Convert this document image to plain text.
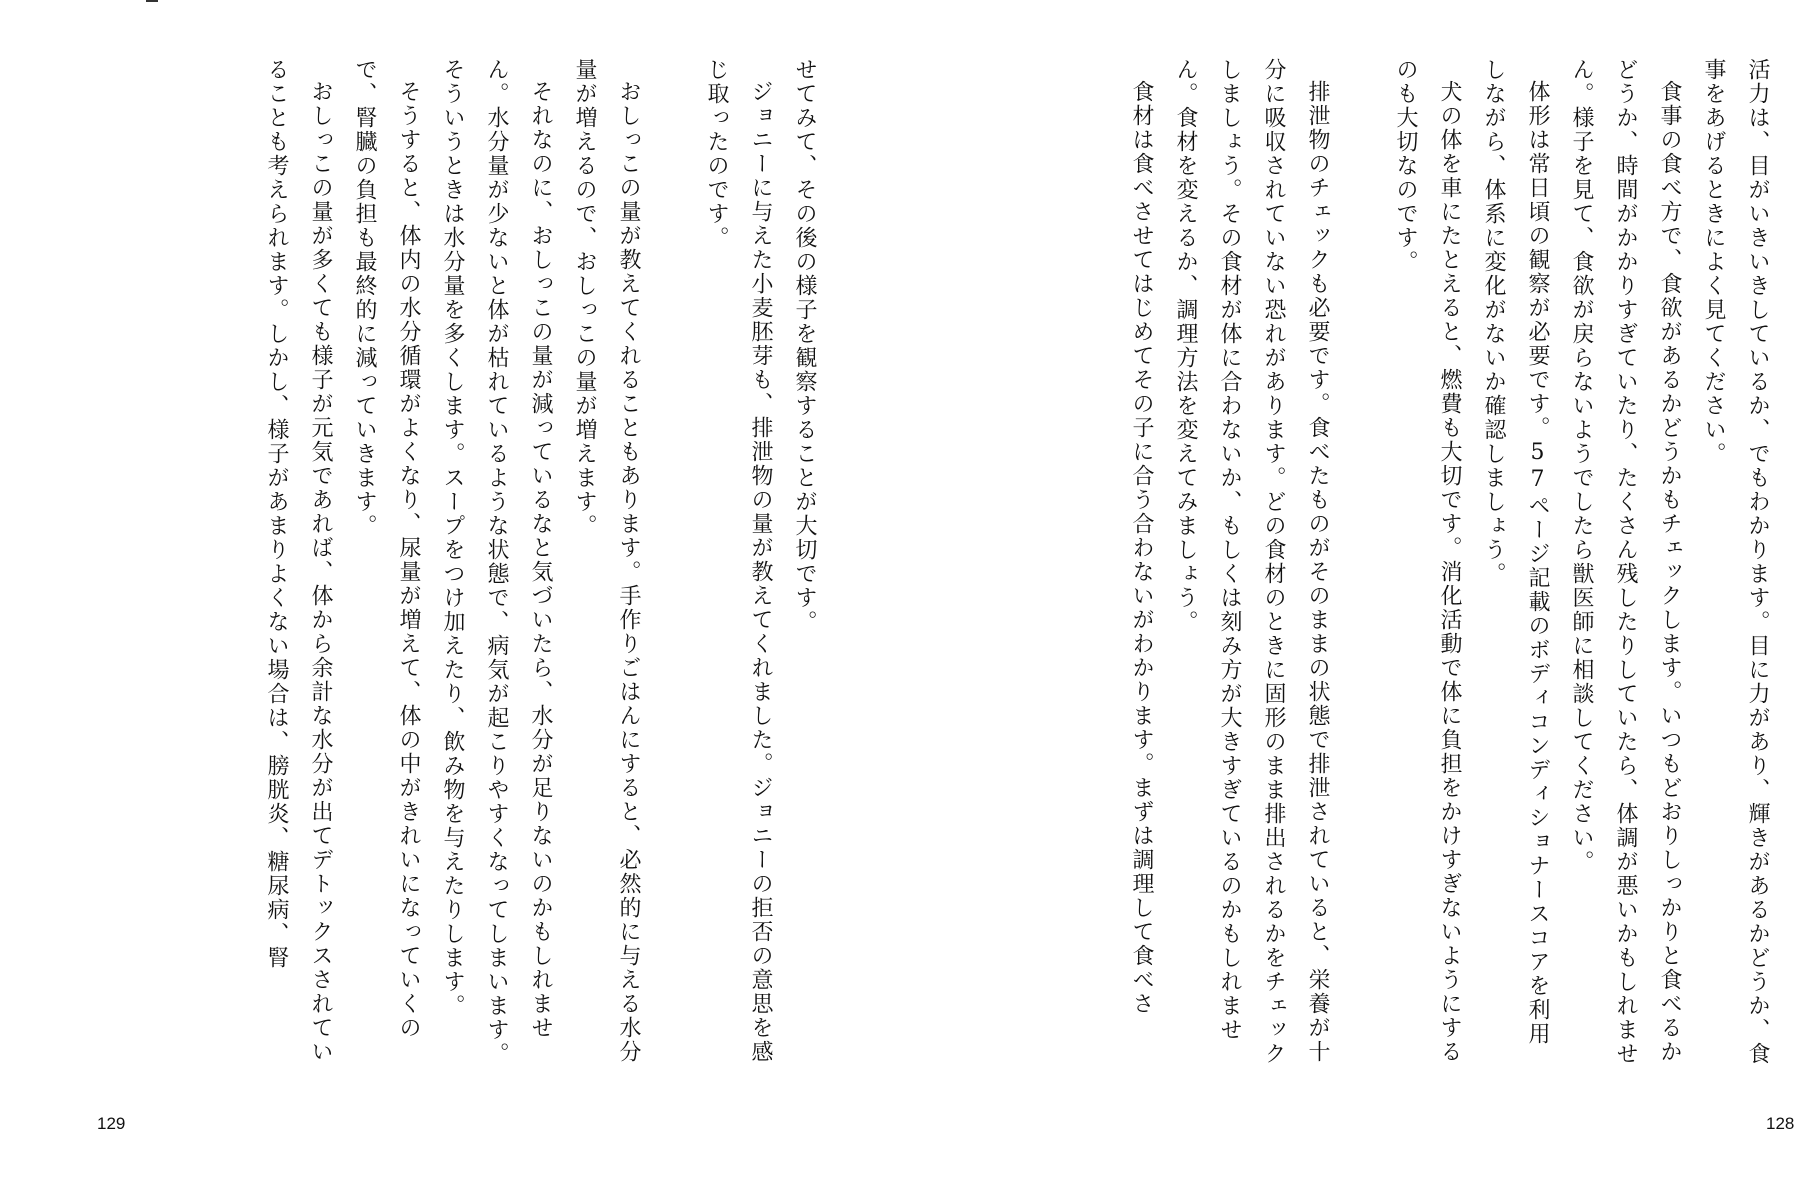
せてみて、その後の様子を観察することが大切です。

ジョニーに与えた小麦胚芽も、排泄物の量が教えてくれました。ジョニーの拒否の意思を感じ取ったのです。

おしっこの量が教えてくれることもあります。手作りごはんにすると、必然的に与える水分量が増えるので、おしっこの量が増えます。

それなのに、おしっこの量が減っているなと気づいたら、水分が足りないのかもしれません。水分量が少ないと体が枯れているような状態で、病気が起こりやすくなってしまいます。そういうときは水分量を多くします。スープをつけ加えたり、飲み物を与えたりします。

そうすると、体内の水分循環がよくなり、尿量が増えて、体の中がきれいになっていくので、腎臓の負担も最終的に減っていきます。

おしっこの量が多くても様子が元気であれば、体から余計な水分が出てデトックスされていることも考えられます。しかし、様子があまりよくない場合は、膀胱炎、糖尿病、腎

129

活力は、目がいきいきしているか、でもわかります。目に力があり、輝きがあるかどうか、食事をあげるときによく見てください。

食事の食べ方で、食欲があるかどうかもチェックします。いつもどおりしっかりと食べるかどうか、時間がかかりすぎていたり、たくさん残したりしていたら、体調が悪いかもしれません。様子を見て、食欲が戻らないようでしたら獣医師に相談してください。

体形は常日頃の観察が必要です。57ページ記載のボディコンディショナースコアを利用しながら、体系に変化がないか確認しましょう。

犬の体を車にたとえると、燃費も大切です。消化活動で体に負担をかけすぎないようにするのも大切なのです。

排泄物のチェックも必要です。食べたものがそのままの状態で排泄されていると、栄養が十分に吸収されていない恐れがあります。どの食材のときに固形のまま排出されるかをチェックしましょう。その食材が体に合わないか、もしくは刻み方が大きすぎているのかもしれません。食材を変えるか、調理方法を変えてみましょう。

食材は食べさせてはじめてその子に合う合わないがわかります。まずは調理して食べさ

128
